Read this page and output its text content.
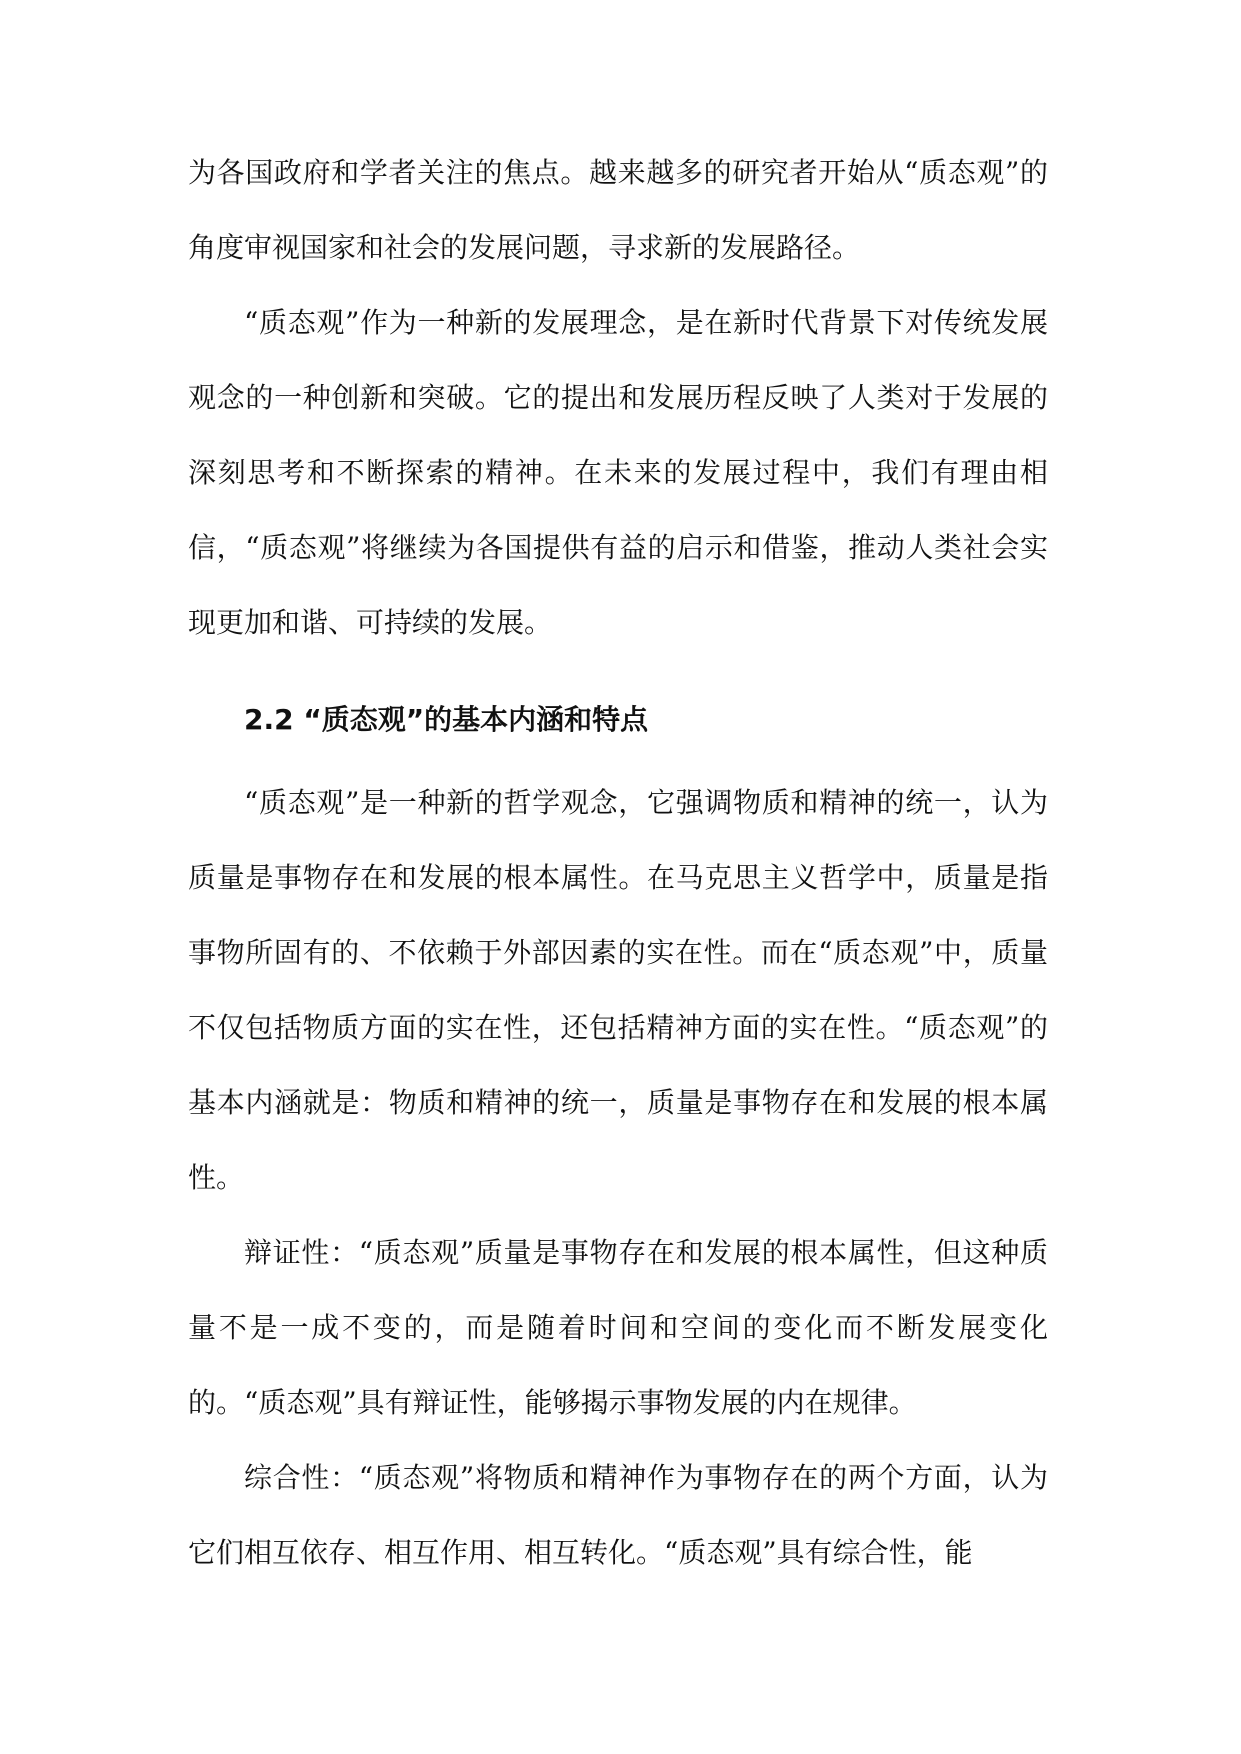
为各国政府和学者关注的焦点。越来越多的研究者开始从“质态观”的角度审视国家和社会的发展问题，寻求新的发展路径。

“质态观”作为一种新的发展理念，是在新时代背景下对传统发展观念的一种创新和突破。它的提出和发展历程反映了人类对于发展的深刻思考和不断探索的精神。在未来的发展过程中，我们有理由相信，“质态观”将继续为各国提供有益的启示和借鉴，推动人类社会实现更加和谐、可持续的发展。

2.2 “质态观”的基本内涵和特点

“质态观”是一种新的哲学观念，它强调物质和精神的统一，认为质量是事物存在和发展的根本属性。在马克思主义哲学中，质量是指事物所固有的、不依赖于外部因素的实在性。而在“质态观”中，质量不仅包括物质方面的实在性，还包括精神方面的实在性。“质态观”的基本内涵就是：物质和精神的统一，质量是事物存在和发展的根本属性。

辩证性：“质态观”质量是事物存在和发展的根本属性，但这种质量不是一成不变的，而是随着时间和空间的变化而不断发展变化的。“质态观”具有辩证性，能够揭示事物发展的内在规律。

综合性：“质态观”将物质和精神作为事物存在的两个方面，认为它们相互依存、相互作用、相互转化。“质态观”具有综合性，能
